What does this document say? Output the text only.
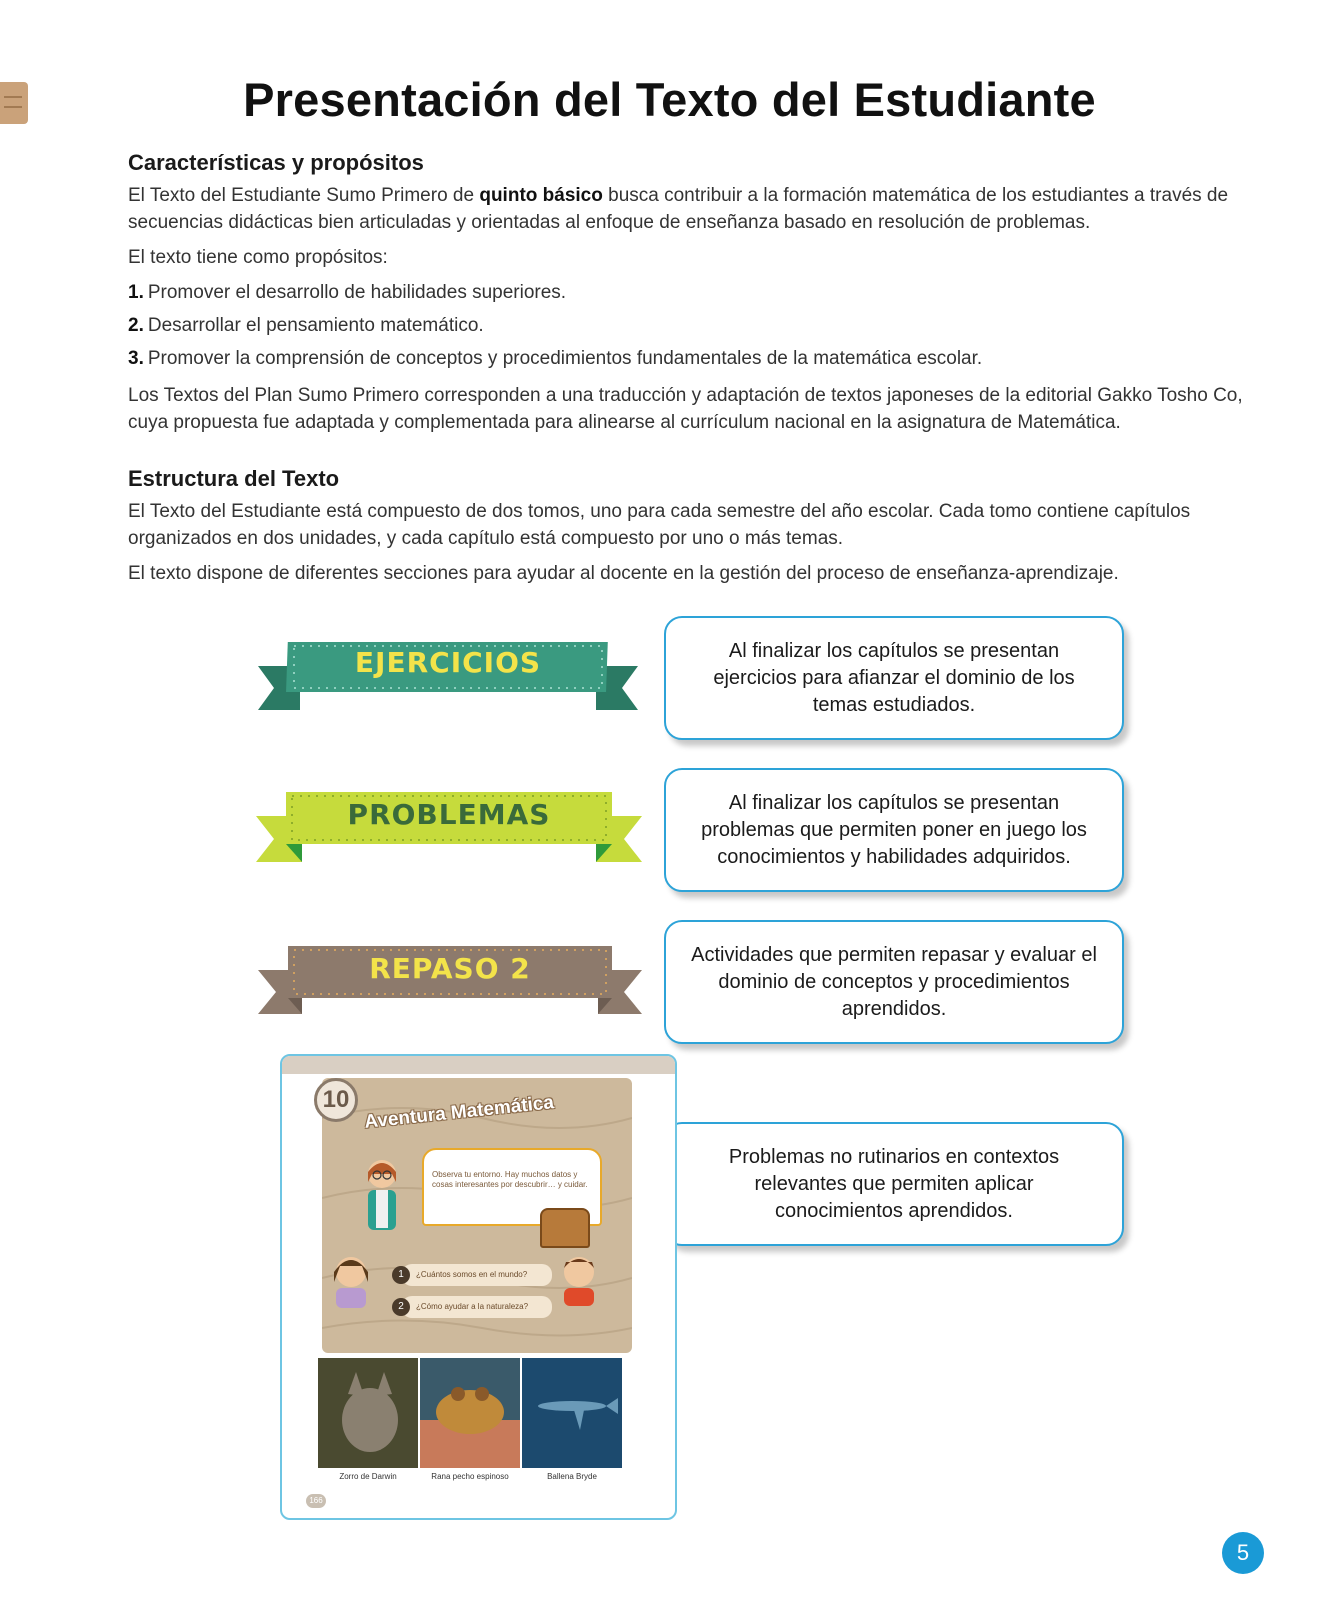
Presentación del Texto del Estudiante
Características y propósitos

El Texto del Estudiante Sumo Primero de quinto básico busca contribuir a la formación matemática de los estudiantes a través de secuencias didácticas bien articuladas y orientadas al enfoque de enseñanza basado en resolución de problemas.

El texto tiene como propósitos:

1. Promover el desarrollo de habilidades superiores.
2. Desarrollar el pensamiento matemático.
3. Promover la comprensión de conceptos y procedimientos fundamentales de la matemática escolar.

Los Textos del Plan Sumo Primero corresponden a una traducción y adaptación de textos japoneses de la editorial Gakko Tosho Co, cuya propuesta fue adaptada y complementada para alinearse al currículum nacional en la asignatura de Matemática.

Estructura del Texto

El Texto del Estudiante está compuesto de dos tomos, uno para cada semestre del año escolar. Cada tomo contiene capítulos organizados en dos unidades, y cada capítulo está compuesto por uno o más temas.

El texto dispone de diferentes secciones para ayudar al docente en la gestión del proceso de enseñanza-aprendizaje.

EJERCICIOS
PROBLEMAS
REPASO 2
Al finalizar los capítulos se presentan ejercicios para afianzar el dominio de los temas estudiados.
Al finalizar los capítulos se presentan problemas que permiten poner en juego los conocimientos y habilidades adquiridos.
Actividades que permiten repasar y evaluar el dominio de conceptos y procedimientos aprendidos.
Problemas no rutinarios en contextos relevantes que permiten aplicar conocimientos aprendidos.
10 Aventura Matemática
Observa tu entorno. Hay muchos datos y cosas interesantes por descubrir… y cuidar.
1	¿Cuántos somos en el mundo?
2	¿Cómo ayudar a la naturaleza?
Zorro de Darwin	Rana pecho espinoso	Ballena Bryde
166
5
